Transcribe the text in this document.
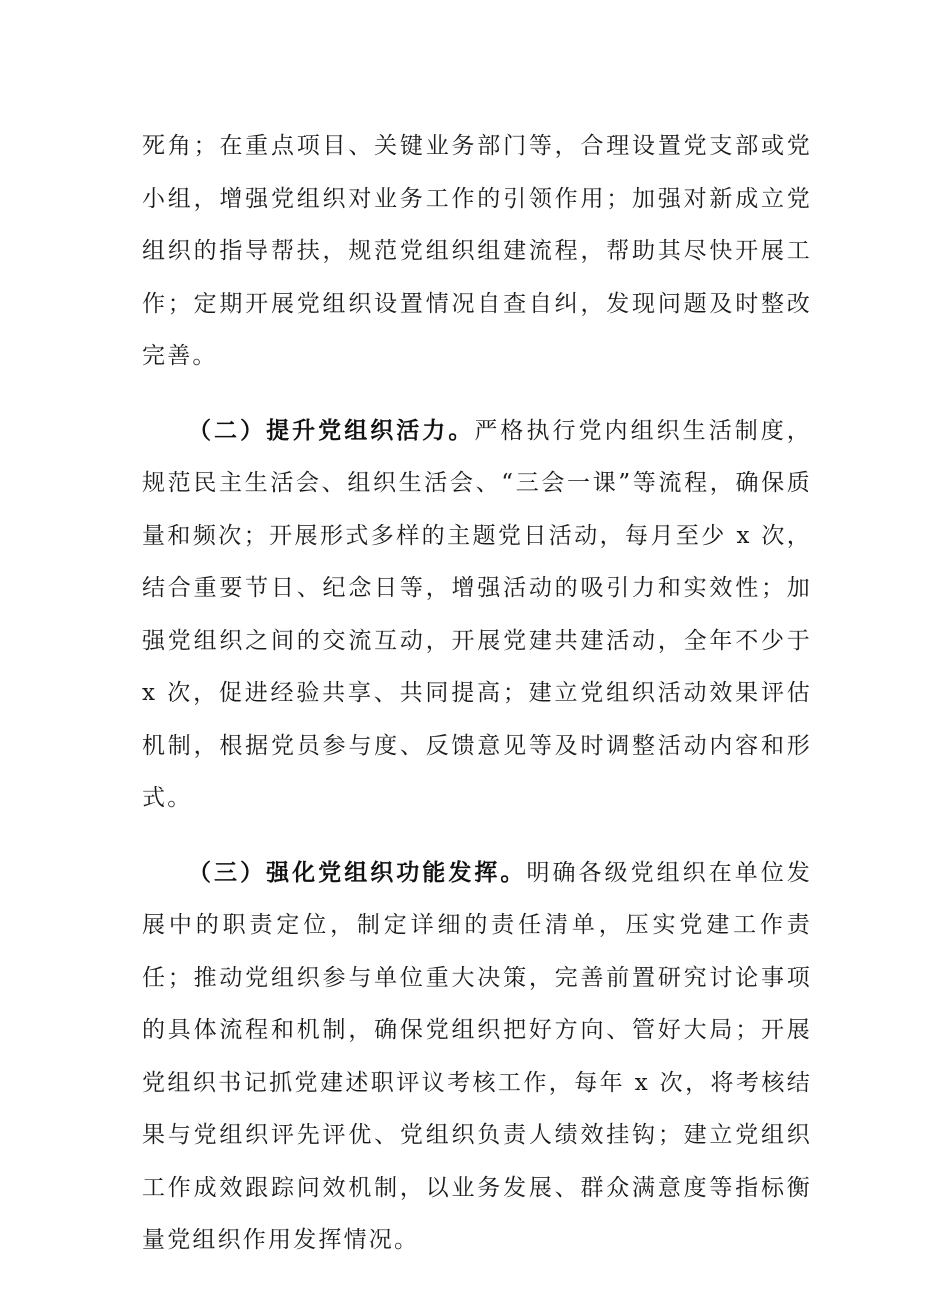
死角；在重点项目、关键业务部门等，合理设置党支部或党小组，增强党组织对业务工作的引领作用；加强对新成立党组织的指导帮扶，规范党组织组建流程，帮助其尽快开展工作；定期开展党组织设置情况自查自纠，发现问题及时整改完善。

（二）提升党组织活力。严格执行党内组织生活制度，规范民主生活会、组织生活会、“三会一课”等流程，确保质量和频次；开展形式多样的主题党日活动，每月至少 x 次，结合重要节日、纪念日等，增强活动的吸引力和实效性；加强党组织之间的交流互动，开展党建共建活动，全年不少于 x 次，促进经验共享、共同提高；建立党组织活动效果评估机制，根据党员参与度、反馈意见等及时调整活动内容和形式。

（三）强化党组织功能发挥。明确各级党组织在单位发展中的职责定位，制定详细的责任清单，压实党建工作责任；推动党组织参与单位重大决策，完善前置研究讨论事项的具体流程和机制，确保党组织把好方向、管好大局；开展党组织书记抓党建述职评议考核工作，每年 x 次，将考核结果与党组织评先评优、党组织负责人绩效挂钩；建立党组织工作成效跟踪问效机制，以业务发展、群众满意度等指标衡量党组织作用发挥情况。
